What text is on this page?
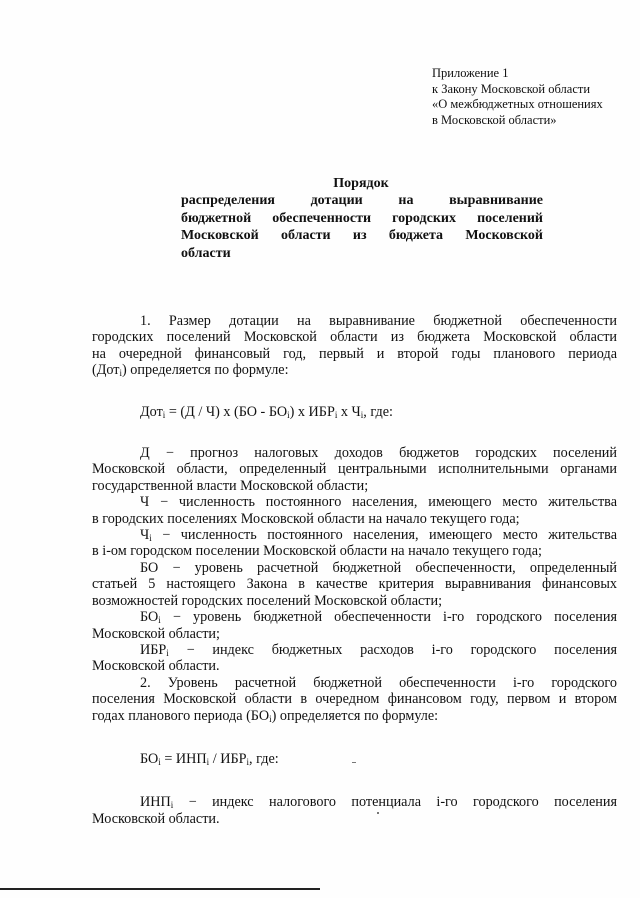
Приложение 1
к Закону Московской области
«О межбюджетных отношениях
в Московской области»
Порядок
распределения дотации на выравнивание
бюджетной обеспеченности городских поселений
Московской области из бюджета Московской
области
1. Размер дотации на выравнивание бюджетной обеспеченности
городских поселений Московской области из бюджета Московской области
на очередной финансовый год, первый и второй годы планового периода
(Дот$_i$) определяется по формуле:
Дот$_i$ = (Д / Ч) х $(БО - БО_i)$ х $ИБР_i$ х $Ч_i$, где:
Д − прогноз налоговых доходов бюджетов городских поселений
Московской области, определенный центральными исполнительными органами
государственной власти Московской области;
Ч − численность постоянного населения, имеющего место жительства
в городских поселениях Московской области на начало текущего года;
$Ч_i$ − численность постоянного населения, имеющего место жительства
в i-ом городском поселении Московской области на начало текущего года;
БО − уровень расчетной бюджетной обеспеченности, определенный
статьей 5 настоящего Закона в качестве критерия выравнивания финансовых
возможностей городских поселений Московской области;
$БО_i$ − уровень бюджетной обеспеченности i-го городского поселения
Московской области;
$ИБР_i$ − индекс бюджетных расходов i-го городского поселения
Московской области.
2. Уровень расчетной бюджетной обеспеченности i-го городского
поселения Московской области в очередном финансовом году, первом и втором
годах планового периода $(БО_i)$ определяется по формуле:
$БО_i = ИНП_i / ИБР_i$, где:
$ИНП_i$ − индекс налогового потенциала i-го городского поселения
Московской области.
